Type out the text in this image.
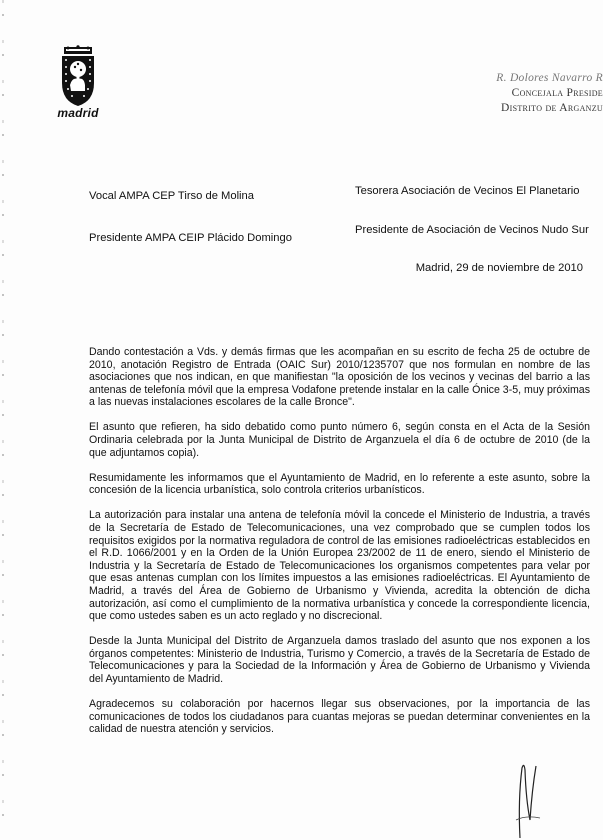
madrid
R. Dolores Navarro R
Concejala Preside
Distrito de Arganzu
Vocal AMPA CEP Tirso de Molina
Presidente AMPA CEIP Plácido Domingo
Tesorera Asociación de Vecinos El Planetario
Presidente de Asociación de Vecinos Nudo Sur
Madrid, 29 de noviembre de 2010

Dando contestación a Vds. y demás firmas que les acompañan en su escrito de fecha 25 de octubre de 2010, anotación Registro de Entrada (OAIC Sur) 2010/1235707 que nos formulan en nombre de las asociaciones que nos indican, en que manifiestan "la oposición de los vecinos y vecinas del barrio a las antenas de telefonía móvil que la empresa Vodafone pretende instalar en la calle Ónice 3-5, muy próximas a las nuevas instalaciones escolares de la calle Bronce".

El asunto que refieren, ha sido debatido como punto número 6, según consta en el Acta de la Sesión Ordinaria celebrada por la Junta Municipal de Distrito de Arganzuela el día 6 de octubre de 2010 (de la que adjuntamos copia).

Resumidamente les informamos que el Ayuntamiento de Madrid, en lo referente a este asunto, sobre la concesión de la licencia urbanística, solo controla criterios urbanísticos.

La autorización para instalar una antena de telefonía móvil la concede el Ministerio de Industria, a través de la Secretaría de Estado de Telecomunicaciones, una vez comprobado que se cumplen todos los requisitos exigidos por la normativa reguladora de control de las emisiones radioeléctricas establecidos en el R.D. 1066/2001 y en la Orden de la Unión Europea 23/2002 de 11 de enero, siendo el Ministerio de Industria y la Secretaría de Estado de Telecomunicaciones los organismos competentes para velar por que esas antenas cumplan con los límites impuestos a las emisiones radioeléctricas. El Ayuntamiento de Madrid, a través del Área de Gobierno de Urbanismo y Vivienda, acredita la obtención de dicha autorización, así como el cumplimiento de la normativa urbanística y concede la correspondiente licencia, que como ustedes saben es un acto reglado y no discrecional.

Desde la Junta Municipal del Distrito de Arganzuela damos traslado del asunto que nos exponen a los órganos competentes: Ministerio de Industria, Turismo y Comercio, a través de la Secretaría de Estado de Telecomunicaciones y para la Sociedad de la Información y Área de Gobierno de Urbanismo y Vivienda del Ayuntamiento de Madrid.

Agradecemos su colaboración por hacernos llegar sus observaciones, por la importancia de las comunicaciones de todos los ciudadanos para cuantas mejoras se puedan determinar convenientes en la calidad de nuestra atención y servicios.
